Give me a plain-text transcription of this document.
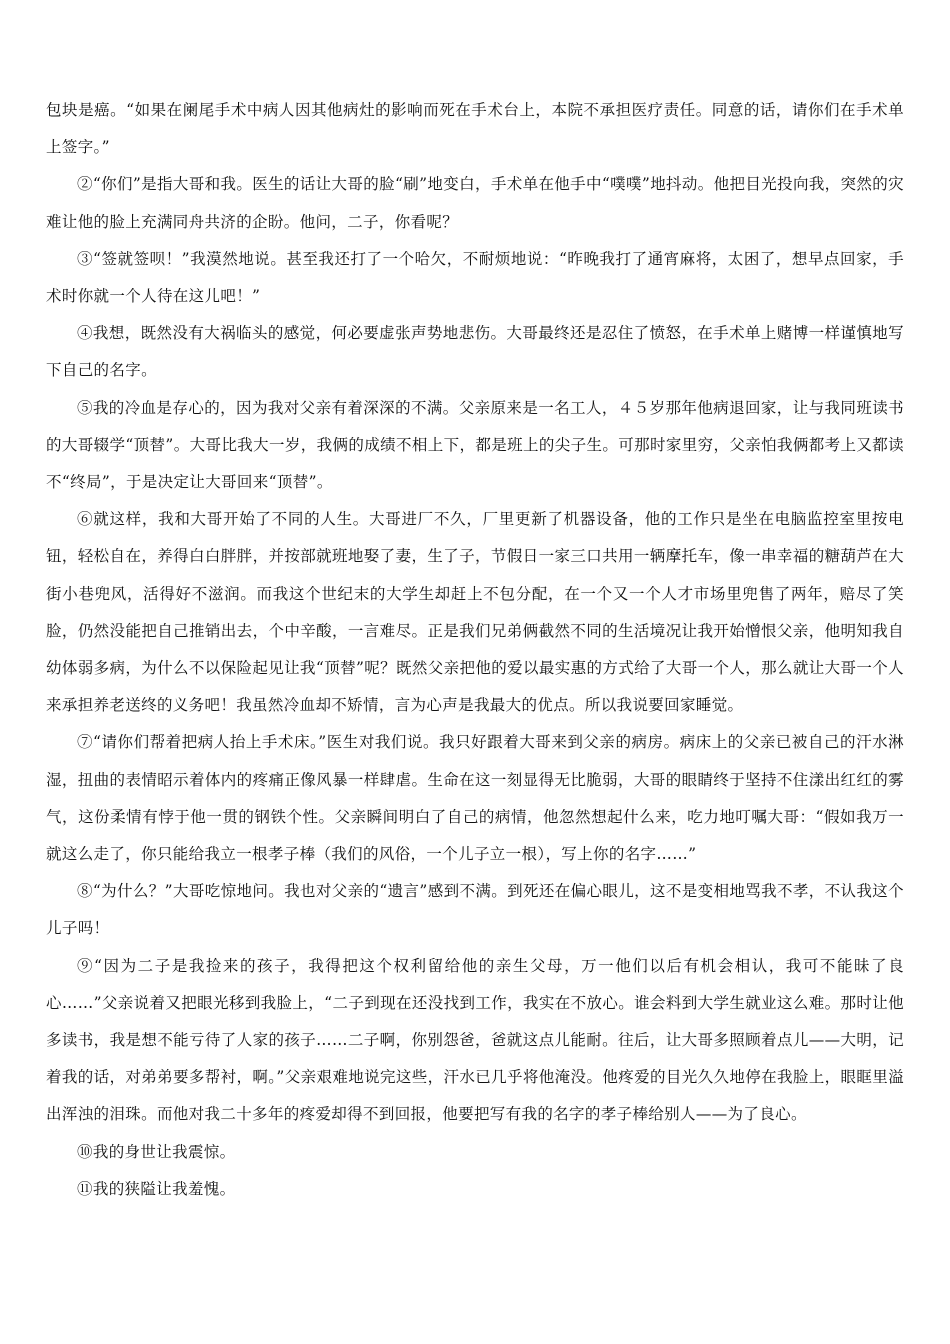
包块是癌。“如果在阑尾手术中病人因其他病灶的影响而死在手术台上，本院不承担医疗责任。同意的话，请你们在手术单上签字。”

②“你们”是指大哥和我。医生的话让大哥的脸“刷”地变白，手术单在他手中“噗噗”地抖动。他把目光投向我，突然的灾难让他的脸上充满同舟共济的企盼。他问，二子，你看呢？

③“签就签呗！”我漠然地说。甚至我还打了一个哈欠，不耐烦地说：“昨晚我打了通宵麻将，太困了，想早点回家，手术时你就一个人待在这儿吧！”

④我想，既然没有大祸临头的感觉，何必要虚张声势地悲伤。大哥最终还是忍住了愤怒，在手术单上赌博一样谨慎地写下自己的名字。

⑤我的冷血是存心的，因为我对父亲有着深深的不满。父亲原来是一名工人，４５岁那年他病退回家，让与我同班读书的大哥辍学“顶替”。大哥比我大一岁，我俩的成绩不相上下，都是班上的尖子生。可那时家里穷，父亲怕我俩都考上又都读不“终局”，于是决定让大哥回来“顶替”。

⑥就这样，我和大哥开始了不同的人生。大哥进厂不久，厂里更新了机器设备，他的工作只是坐在电脑监控室里按电钮，轻松自在，养得白白胖胖，并按部就班地娶了妻，生了子，节假日一家三口共用一辆摩托车，像一串幸福的糖葫芦在大街小巷兜风，活得好不滋润。而我这个世纪末的大学生却赶上不包分配，在一个又一个人才市场里兜售了两年，赔尽了笑脸，仍然没能把自己推销出去，个中辛酸，一言难尽。正是我们兄弟俩截然不同的生活境况让我开始憎恨父亲，他明知我自幼体弱多病，为什么不以保险起见让我“顶替”呢？既然父亲把他的爱以最实惠的方式给了大哥一个人，那么就让大哥一个人来承担养老送终的义务吧！我虽然冷血却不矫情，言为心声是我最大的优点。所以我说要回家睡觉。

⑦“请你们帮着把病人抬上手术床。”医生对我们说。我只好跟着大哥来到父亲的病房。病床上的父亲已被自己的汗水淋湿，扭曲的表情昭示着体内的疼痛正像风暴一样肆虐。生命在这一刻显得无比脆弱，大哥的眼睛终于坚持不住漾出红红的雾气，这份柔情有悖于他一贯的钢铁个性。父亲瞬间明白了自己的病情，他忽然想起什么来，吃力地叮嘱大哥：“假如我万一就这么走了，你只能给我立一根孝子棒（我们的风俗，一个儿子立一根），写上你的名字……”

⑧“为什么？”大哥吃惊地问。我也对父亲的“遗言”感到不满。到死还在偏心眼儿，这不是变相地骂我不孝，不认我这个儿子吗！

⑨“因为二子是我捡来的孩子，我得把这个权利留给他的亲生父母，万一他们以后有机会相认，我可不能昧了良心……”父亲说着又把眼光移到我脸上，“二子到现在还没找到工作，我实在不放心。谁会料到大学生就业这么难。那时让他多读书，我是想不能亏待了人家的孩子……二子啊，你别怨爸，爸就这点儿能耐。往后，让大哥多照顾着点儿——大明，记着我的话，对弟弟要多帮衬，啊。”父亲艰难地说完这些，汗水已几乎将他淹没。他疼爱的目光久久地停在我脸上，眼眶里溢出浑浊的泪珠。而他对我二十多年的疼爱却得不到回报，他要把写有我的名字的孝子棒给别人——为了良心。

⑩我的身世让我震惊。

⑪我的狭隘让我羞愧。
